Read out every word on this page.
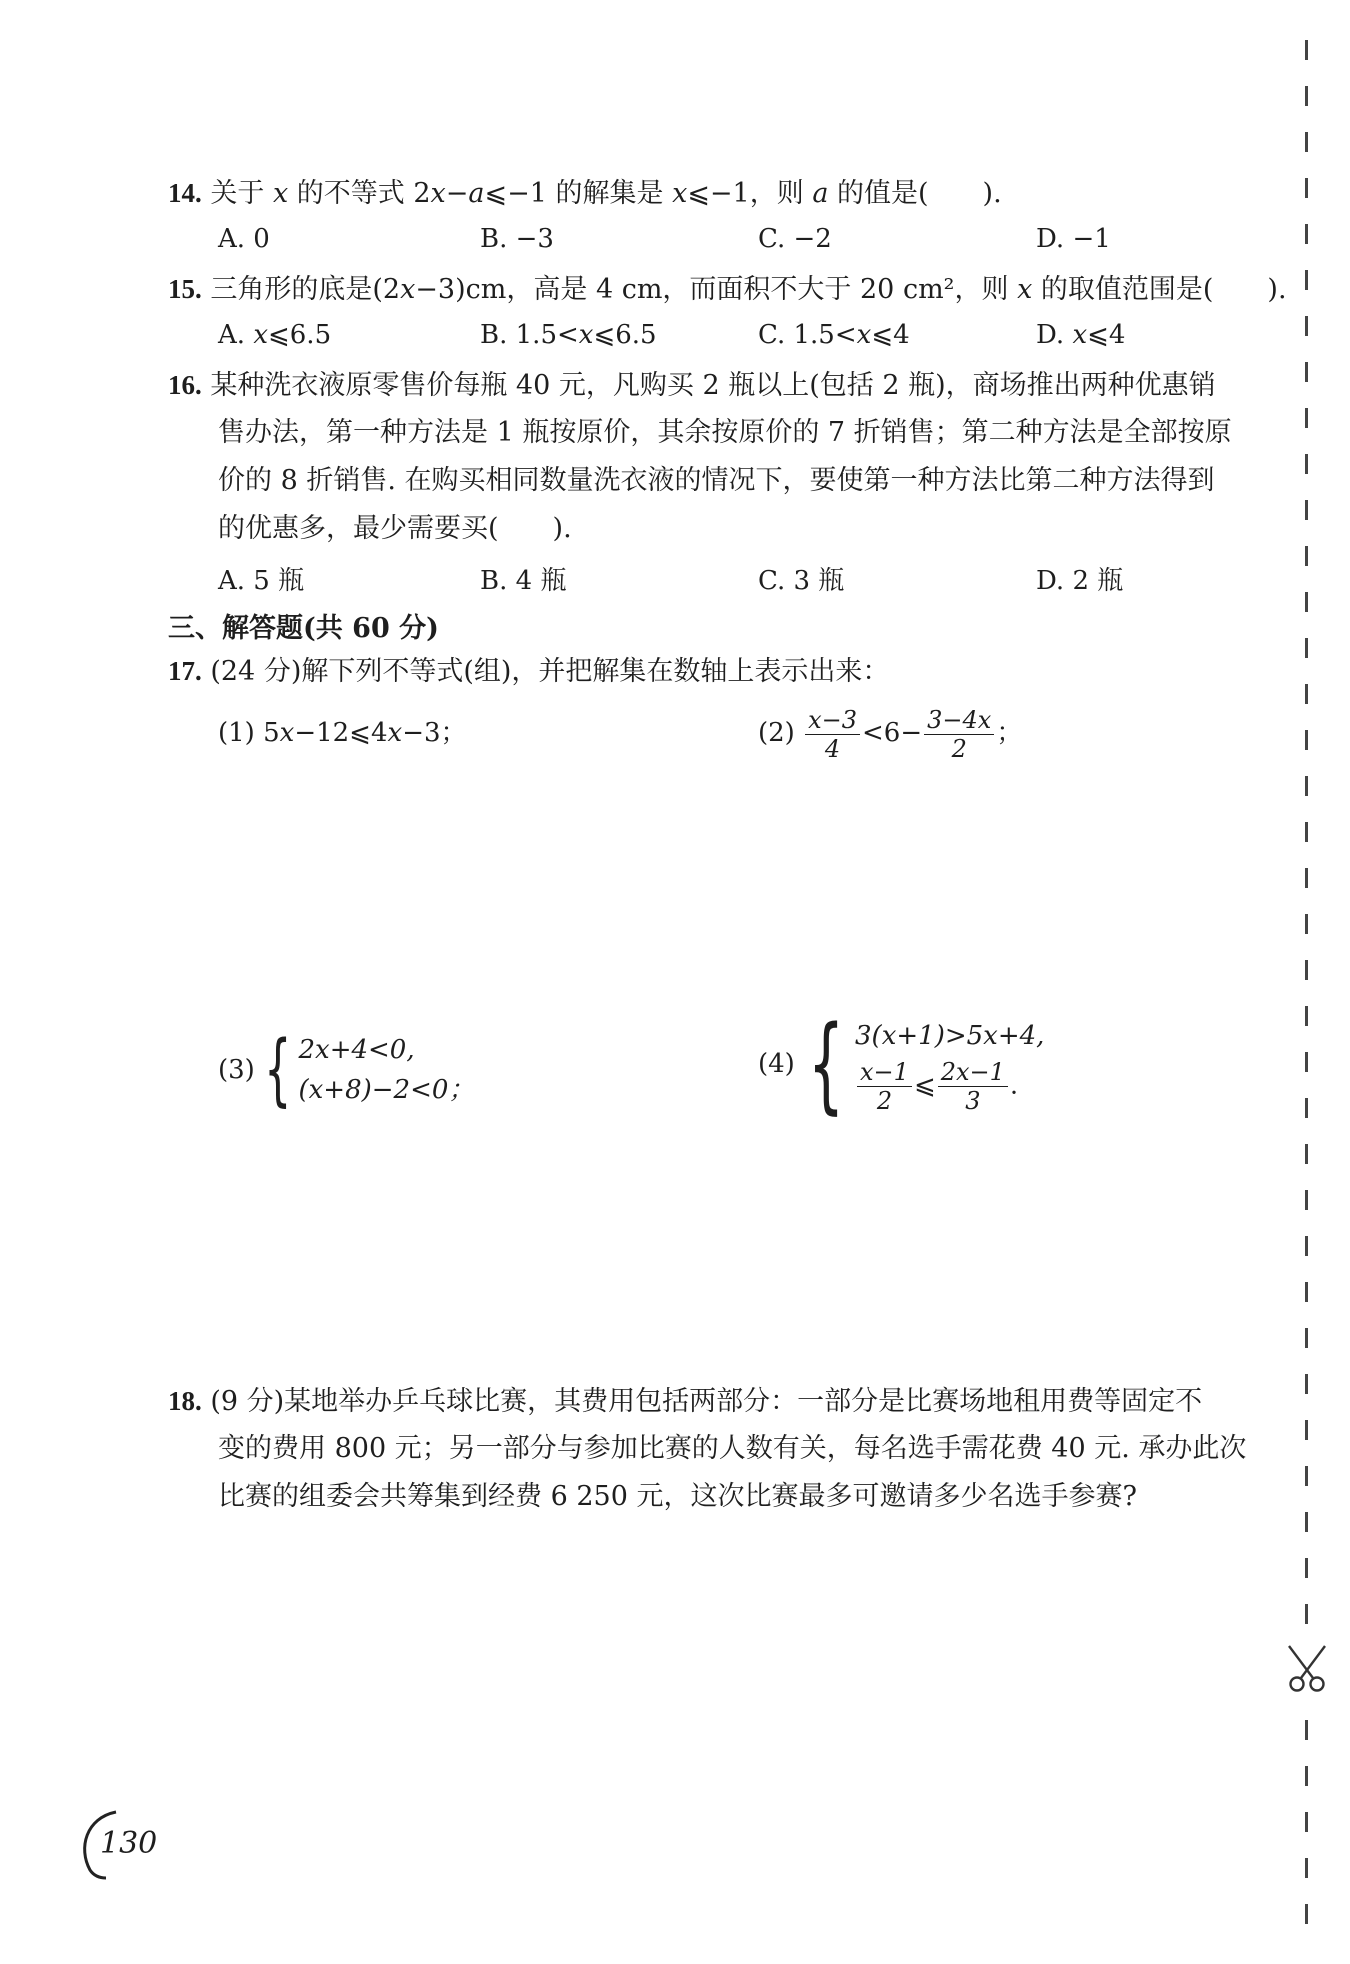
14. 关于 x 的不等式 2x−a⩽−1 的解集是 x⩽−1，则 a 的值是(　　).
A. 0	B. −3	C. −2	D. −1
15. 三角形的底是(2x−3)cm，高是 4 cm，而面积不大于 20 cm²，则 x 的取值范围是(　　).
A. x⩽6.5	B. 1.5<x⩽6.5	C. 1.5<x⩽4	D. x⩽4
16. 某种洗衣液原零售价每瓶 40 元，凡购买 2 瓶以上(包括 2 瓶)，商场推出两种优惠销
售办法，第一种方法是 1 瓶按原价，其余按原价的 7 折销售；第二种方法是全部按原
价的 8 折销售. 在购买相同数量洗衣液的情况下，要使第一种方法比第二种方法得到
的优惠多，最少需要买(　　).
A. 5 瓶	B. 4 瓶	C. 3 瓶	D. 2 瓶
三、解答题(共 60 分)
17. (24 分)解下列不等式(组)，并把解集在数轴上表示出来：
(1) 5x−12⩽4x−3；	$(2) \frac{x-3}{4} <6- \frac{3-4x}{2}$ ；
(3) { 2x+4<0,
(x+8)−2<0；
(4) { 3(x+1)>5x+4,
$\frac{x-1}{2}$ ⩽ $\frac{2x-1}{3}$ .
18. (9 分)某地举办乒乓球比赛，其费用包括两部分：一部分是比赛场地租用费等固定不
变的费用 800 元；另一部分与参加比赛的人数有关，每名选手需花费 40 元. 承办此次
比赛的组委会共筹集到经费 6 250 元，这次比赛最多可邀请多少名选手参赛?
130
